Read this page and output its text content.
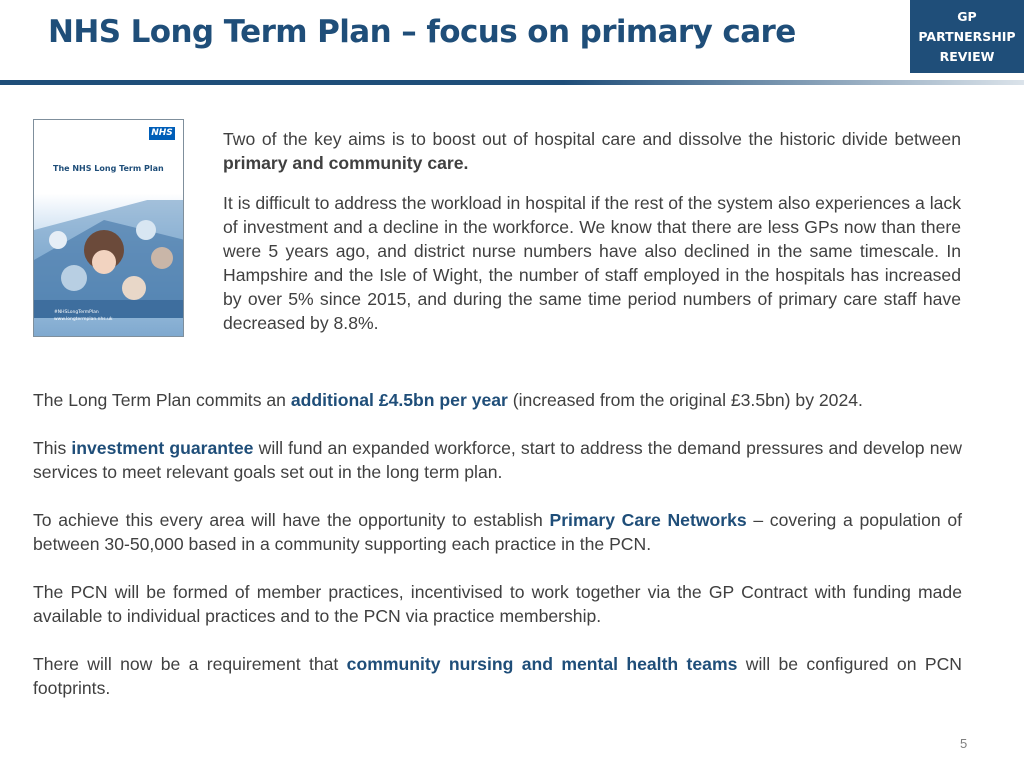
NHS Long Term Plan – focus on primary care	GP
PARTNERSHIP
REVIEW
NHS
The NHS Long Term Plan
#NHSLongTermPlan
www.longtermplan.nhs.uk

Two of the key aims is to boost out of hospital care and dissolve the historic divide between primary and community care.

It is difficult to address the workload in hospital if the rest of the system also experiences a lack of investment and a decline in the workforce. We know that there are less GPs now than there were 5 years ago, and district nurse numbers have also declined in the same timescale. In Hampshire and the Isle of Wight, the number of staff employed in the hospitals has increased by over 5% since 2015, and during the same time period numbers of primary care staff have decreased by 8.8%.

The Long Term Plan commits an additional £4.5bn per year (increased from the original £3.5bn) by 2024.

This investment guarantee will fund an expanded workforce, start to address the demand pressures and develop new services to meet relevant goals set out in the long term plan.

To achieve this every area will have the opportunity to establish Primary Care Networks – covering a population of between 30-50,000 based in a community supporting each practice in the PCN.

The PCN will be formed of member practices, incentivised to work together via the GP Contract with funding made available to individual practices and to the PCN via practice membership.

There will now be a requirement that community nursing and mental health teams will be configured on PCN footprints.

5
